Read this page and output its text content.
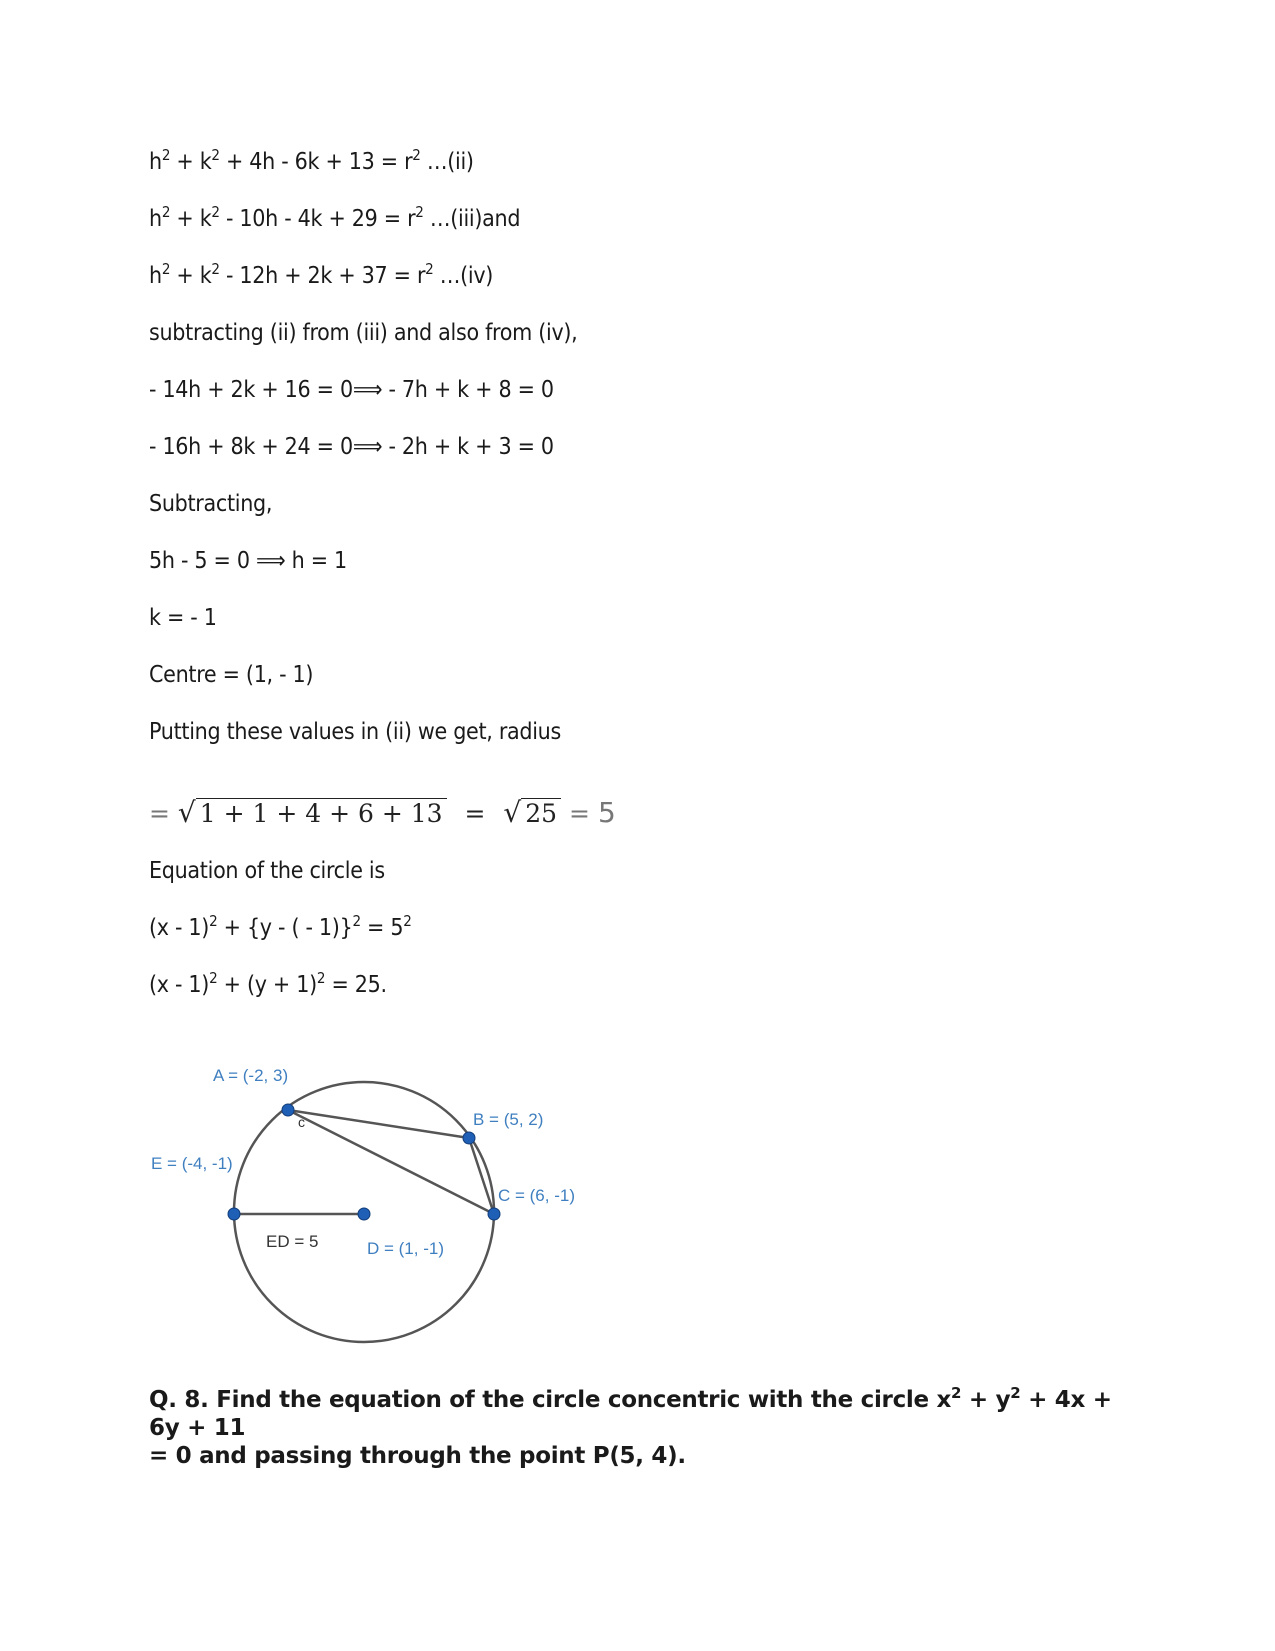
$h^2 + k^2 + 4h - 6k + 13 = r^2$ …(ii)
$h^2 + k^2 - 10h - 4k + 29 = r^2$ …(iii)and
$h^2 + k^2 - 12h + 2k + 37 = r^2$ …(iv)
subtracting (ii) from (iii) and also from (iv),
- 14h + 2k + 16 = 0⟹ - 7h + k + 8 = 0
- 16h + 8k + 24 = 0⟹ - 2h + k + 3 = 0
Subtracting,
5h - 5 = 0 ⟹ h = 1
k = - 1
Centre = (1, - 1)
Putting these values in (ii) we get, radius
= √ 1 + 1 + 4 + 6 + 13 = √ 25 = 5
Equation of the circle is
(x - 1)$^2$ + {y - ( - $1)\}^2 = 5^2$
$(x - 1)^2 + (y + 1)^2 = 25$.
A = (-2, 3)
B = (5, 2)
C = (6, -1)
E = (-4, -1)
D = (1, -1)
ED = 5
c
Q. 8. Find the equation of the circle concentric with the circle $x^2 + y^2 + 4x + 6y + 11$
= 0 and passing through the point P(5, 4).
